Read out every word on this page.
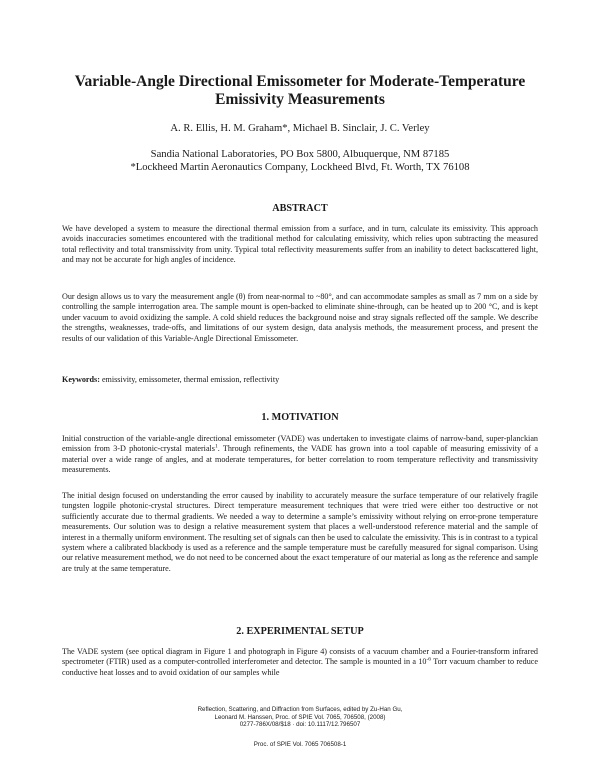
Variable-Angle Directional Emissometer for Moderate-Temperature
Emissivity Measurements
A. R. Ellis, H. M. Graham*, Michael B. Sinclair, J. C. Verley
Sandia National Laboratories, PO Box 5800, Albuquerque, NM 87185
*Lockheed Martin Aeronautics Company, Lockheed Blvd, Ft. Worth, TX 76108
ABSTRACT
We have developed a system to measure the directional thermal emission from a surface, and in turn, calculate its emissivity. This approach avoids inaccuracies sometimes encountered with the traditional method for calculating emissivity, which relies upon subtracting the measured total reflectivity and total transmissivity from unity. Typical total reflectivity measurements suffer from an inability to detect backscattered light, and may not be accurate for high angles of incidence.
Our design allows us to vary the measurement angle (θ) from near-normal to ~80°, and can accommodate samples as small as 7 mm on a side by controlling the sample interrogation area. The sample mount is open-backed to eliminate shine-through, can be heated up to 200 °C, and is kept under vacuum to avoid oxidizing the sample. A cold shield reduces the background noise and stray signals reflected off the sample. We describe the strengths, weaknesses, trade-offs, and limitations of our system design, data analysis methods, the measurement process, and present the results of our validation of this Variable-Angle Directional Emissometer.
Keywords: emissivity, emissometer, thermal emission, reflectivity
1. MOTIVATION
Initial construction of the variable-angle directional emissometer (VADE) was undertaken to investigate claims of narrow-band, super-planckian emission from 3-D photonic-crystal materials$^1$. Through refinements, the VADE has grown into a tool capable of measuring emissivity of a material over a wide range of angles, and at moderate temperatures, for better correlation to room temperature reflectivity and transmissivity measurements.
The initial design focused on understanding the error caused by inability to accurately measure the surface temperature of our relatively fragile tungsten logpile photonic-crystal structures. Direct temperature measurement techniques that were tried were either too destructive or not sufficiently accurate due to thermal gradients. We needed a way to determine a sample’s emissivity without relying on error-prone temperature measurements. Our solution was to design a relative measurement system that places a well-understood reference material and the sample of interest in a thermally uniform environment. The resulting set of signals can then be used to calculate the emissivity. This is in contrast to a typical system where a calibrated blackbody is used as a reference and the sample temperature must be carefully measured for signal comparison. Using our relative measurement method, we do not need to be concerned about the exact temperature of our material as long as the reference and sample are truly at the same temperature.
2. EXPERIMENTAL SETUP
The VADE system (see optical diagram in Figure 1 and photograph in Figure 4) consists of a vacuum chamber and a Fourier-transform infrared spectrometer (FTIR) used as a computer-controlled interferometer and detector. The sample is mounted in a $10^{-6}$ Torr vacuum chamber to reduce conductive heat losses and to avoid oxidation of our samples while
Reflection, Scattering, and Diffraction from Surfaces, edited by Zu-Han Gu,
Leonard M. Hanssen, Proc. of SPIE Vol. 7065, 706508, (2008)
0277-786X/08/$18 · doi: 10.1117/12.796507
Proc. of SPIE Vol. 7065 706508-1
